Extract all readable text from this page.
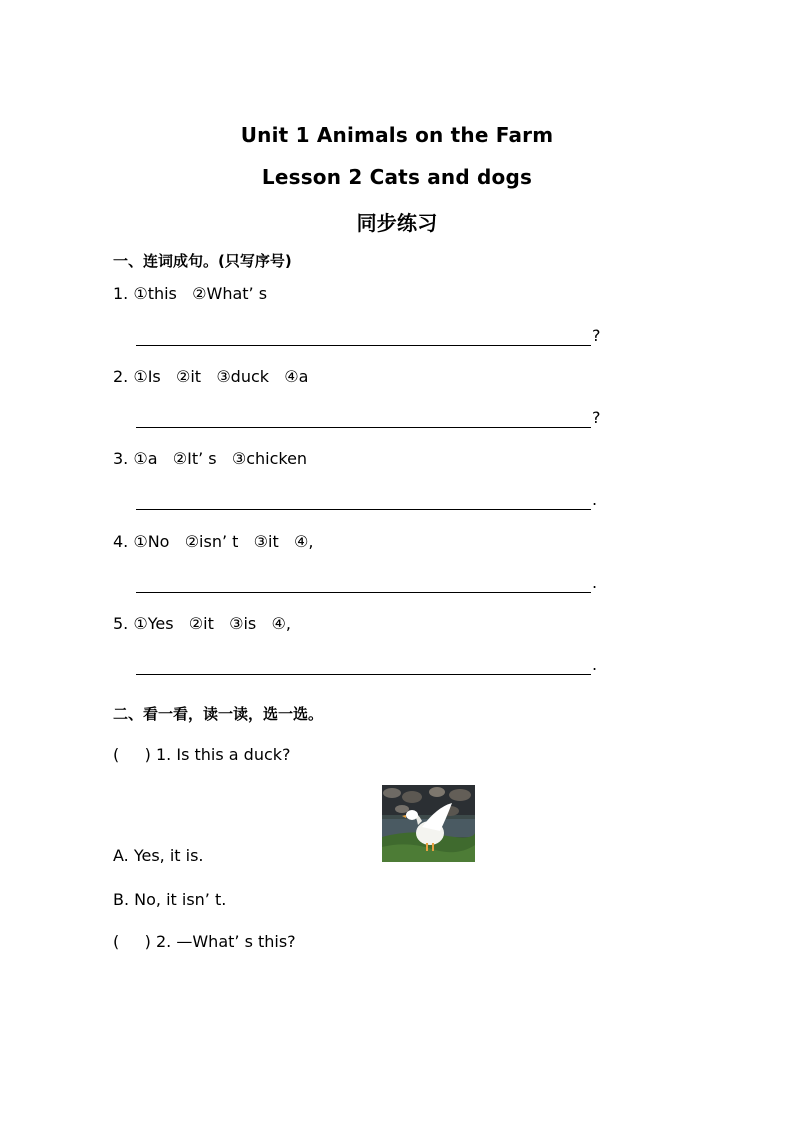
Unit 1 Animals on the Farm
Lesson 2 Cats and dogs
同步练习
一、连词成句。(只写序号)
1. ①this   ②What’ s
?
2. ①Is   ②it   ③duck   ④a
?
3. ①a   ②It’ s   ③chicken
.
4. ①No   ②isn’ t   ③it   ④,
.
5. ①Yes   ②it   ③is   ④,
.
二、看一看，读一读，选一选。
(     ) 1. Is this a duck?
A. Yes, it is.
B. No, it isn’ t.
(     ) 2. —What’ s this?
